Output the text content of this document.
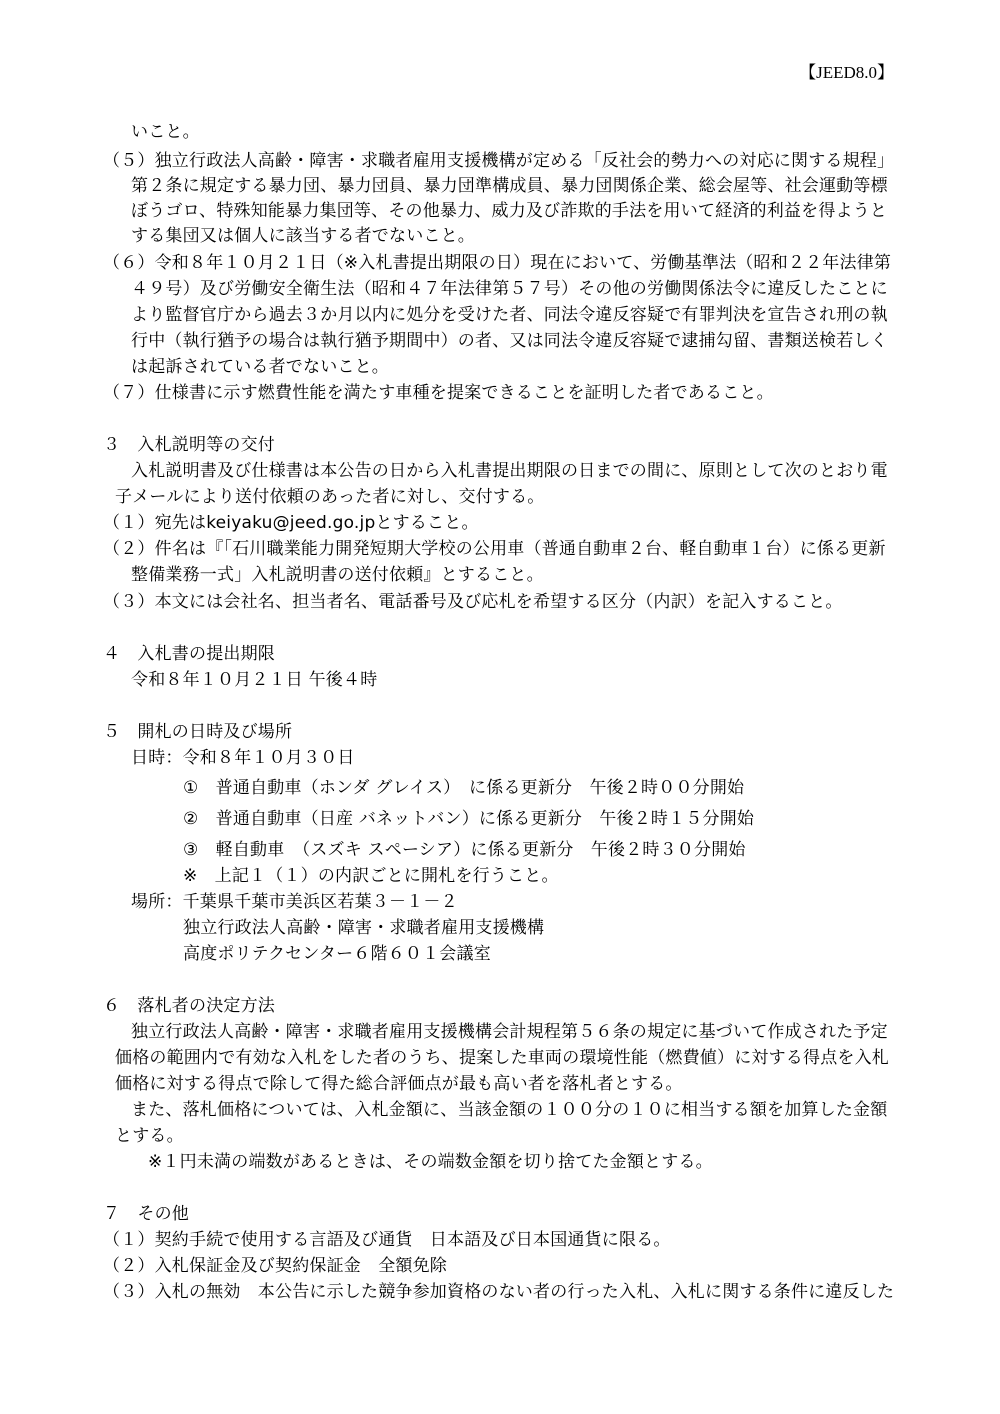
【JEED8.0】
いこと。
（５）独立行政法人高齢・障害・求職者雇用支援機構が定める「反社会的勢力への対応に関する規程」
第２条に規定する暴力団、暴力団員、暴力団準構成員、暴力団関係企業、総会屋等、社会運動等標
ぼうゴロ、特殊知能暴力集団等、その他暴力、威力及び詐欺的手法を用いて経済的利益を得ようと
する集団又は個人に該当する者でないこと。
（６）令和８年１０月２１日（※入札書提出期限の日）現在において、労働基準法（昭和２２年法律第
４９号）及び労働安全衛生法（昭和４７年法律第５７号）その他の労働関係法令に違反したことに
より監督官庁から過去３か月以内に処分を受けた者、同法令違反容疑で有罪判決を宣告され刑の執
行中（執行猶予の場合は執行猶予期間中）の者、又は同法令違反容疑で逮捕勾留、書類送検若しく
は起訴されている者でないこと。
（７）仕様書に示す燃費性能を満たす車種を提案できることを証明した者であること。
３　入札説明等の交付
入札説明書及び仕様書は本公告の日から入札書提出期限の日までの間に、原則として次のとおり電
子メールにより送付依頼のあった者に対し、交付する。
（１）宛先はkeiyaku@jeed.go.jpとすること。
（２）件名は『「石川職業能力開発短期大学校の公用車（普通自動車２台、軽自動車１台）に係る更新
整備業務一式」入札説明書の送付依頼』とすること。
（３）本文には会社名、担当者名、電話番号及び応札を希望する区分（内訳）を記入すること。
４　入札書の提出期限
令和８年１０月２１日 午後４時
５　開札の日時及び場所
日時：令和８年１０月３０日
①　普通自動車（ホンダ グレイス）　に係る更新分　午後２時００分開始
②　普通自動車（日産 バネットバン）に係る更新分　午後２時１５分開始
③　軽自動車　（スズキ スペーシア）に係る更新分　午後２時３０分開始
※　上記１（１）の内訳ごとに開札を行うこと。
場所：千葉県千葉市美浜区若葉３－１－２
独立行政法人高齢・障害・求職者雇用支援機構
高度ポリテクセンター６階６０１会議室
６　落札者の決定方法
独立行政法人高齢・障害・求職者雇用支援機構会計規程第５６条の規定に基づいて作成された予定
価格の範囲内で有効な入札をした者のうち、提案した車両の環境性能（燃費値）に対する得点を入札
価格に対する得点で除して得た総合評価点が最も高い者を落札者とする。
また、落札価格については、入札金額に、当該金額の１００分の１０に相当する額を加算した金額
とする。
※１円未満の端数があるときは、その端数金額を切り捨てた金額とする。
７　その他
（１）契約手続で使用する言語及び通貨　日本語及び日本国通貨に限る。
（２）入札保証金及び契約保証金　全額免除
（３）入札の無効　本公告に示した競争参加資格のない者の行った入札、入札に関する条件に違反した
